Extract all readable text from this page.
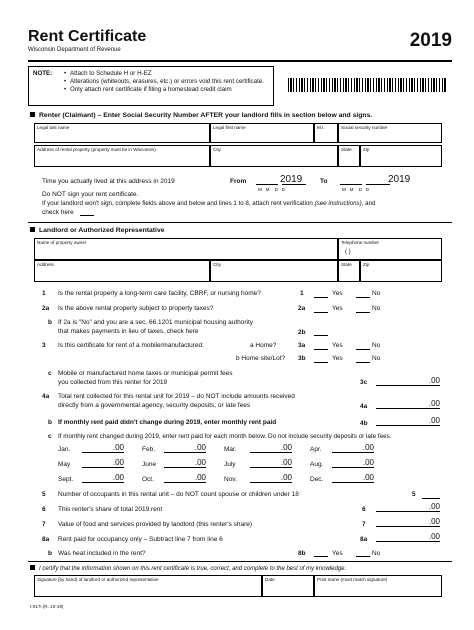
Rent Certificate
Wisconsin Department of Revenue	2019
NOTE:	• Attach to Schedule H or H-EZ
• Alterations (whiteouts, erasures, etc.) or errors void this rent certificate.
• Only attach rent certificate if filing a homestead credit claim
Renter (Claimant) – Enter Social Security Number AFTER your landlord fills in section below and signs.
Legal last name	Legal first name	M.I.	Social security number
Address of rental property (property must be in Wisconsin)	City	State	Zip
Time you actually lived at this address in 2019	From	2019
M M D D
To	2019
M M D D
Do NOT sign your rent certificate.
If your landlord won't sign, complete fields above and below and lines 1 to 8, attach rent verification (see instructions), and
check here
Landlord or Authorized Representative
Name of property owner	Telephone number
( )
Address	City	State	Zip
1 Is the rental property a long-term care facility, CBRF, or nursing home?	1	Yes	No
2a Is the above rental property subject to property taxes?	2a	Yes	No
b If 2a is "No" and you are a sec. 66.1201 municipal housing authority
that makes payments in lieu of taxes, check here	2b
3 Is this certificate for rent of a mobile/manufactured:	a Home?	3a	Yes	No
b Home site/Lot? 3b	Yes	No
c Mobile or manufactured home taxes or municipal permit fees
you collected from this renter for 2019	3c	.00
4a Total rent collected for this rental unit for 2019 – do NOT include amounts received
directly from a governmental agency, security deposits, or late fees	4a	.00
b If monthly rent paid didn't change during 2019, enter monthly rent paid	4b	.00
c If monthly rent changed during 2019, enter rent paid for each month below. Do not include security deposits or late fees.
Jan.	.00	Feb.	.00	Mar.	.00	Apr.	.00
May	.00	June	.00	July	.00	Aug.	.00
Sept.	.00	Oct.	.00	Nov.	.00	Dec.	.00
5 Number of occupants in this rental unit – do NOT count spouse or children under 18	5
6 This renter's share of total 2019 rent	6	.00
7 Value of food and services provided by landlord (this renter's share)	7	.00
8a Rent paid for occupancy only – Subtract line 7 from line 6	8a	.00
b Was heat included in the rent?	8b	Yes	No
I certify that the information shown on this rent certificate is true, correct, and complete to the best of my knowledge.
Signature (by hand) of landlord or authorized representative	Date	Print name (must match signature)
I-017i (R. 10-19)
